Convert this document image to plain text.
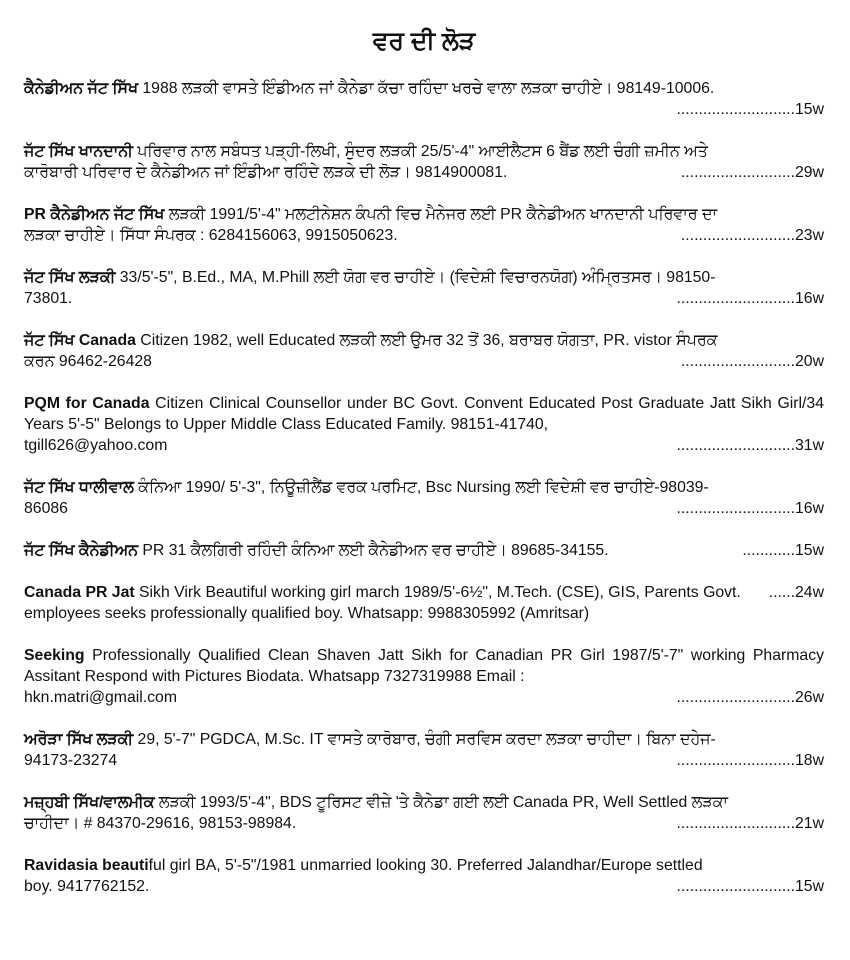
ਵਰ ਦੀ ਲੋੜ

ਕੈਨੇਡੀਅਨ ਜੱਟ ਸਿੱਖ 1988 ਲੜਕੀ ਵਾਸਤੇ ਇੰਡੀਅਨ ਜਾਂ ਕੈਨੇਡਾ ਕੱਚਾ ਰਹਿੰਦਾ ਖਰਚੇ ਵਾਲਾ ਲੜਕਾ ਚਾਹੀਏ। 98149-10006.

...........................15w

ਜੱਟ ਸਿੱਖ ਖਾਨਦਾਨੀ ਪਰਿਵਾਰ ਨਾਲ ਸਬੰਧਤ ਪੜ੍ਹੀ-ਲਿਖੀ, ਸੁੰਦਰ ਲੜਕੀ 25/5'-4" ਆਈਲੈਟਸ 6 ਬੈਂਡ ਲਈ ਚੰਗੀ ਜ਼ਮੀਨ ਅਤੇ

ਕਾਰੋਬਾਰੀ ਪਰਿਵਾਰ ਦੇ ਕੈਨੇਡੀਅਨ ਜਾਂ ਇੰਡੀਆ ਰਹਿੰਦੇ ਲੜਕੇ ਦੀ ਲੋੜ। 9814900081.	..........................29w

PR ਕੈਨੇਡੀਅਨ ਜੱਟ ਸਿੱਖ ਲੜਕੀ 1991/5'-4" ਮਲਟੀਨੇਸ਼ਨ ਕੰਪਨੀ ਵਿਚ ਮੈਨੇਜਰ ਲਈ PR ਕੈਨੇਡੀਅਨ ਖਾਨਦਾਨੀ ਪਰਿਵਾਰ ਦਾ

ਲੜਕਾ ਚਾਹੀਏ। ਸਿੱਧਾ ਸੰਪਰਕ : 6284156063, 9915050623.	..........................23w

ਜੱਟ ਸਿੱਖ ਲੜਕੀ 33/5'-5", B.Ed., MA, M.Phill ਲਈ ਯੋਗ ਵਰ ਚਾਹੀਏ। (ਵਿਦੇਸ਼ੀ ਵਿਚਾਰਨਯੋਗ) ਅੰਮ੍ਰਿਤਸਰ। 98150-

73801.	...........................16w

ਜੱਟ ਸਿੱਖ Canada Citizen 1982, well Educated ਲੜਕੀ ਲਈ ਉਮਰ 32 ਤੋਂ 36, ਬਰਾਬਰ ਯੋਗਤਾ, PR. vistor ਸੰਪਰਕ

ਕਰਨ 96462-26428	..........................20w

PQM for Canada Citizen Clinical Counsellor under BC Govt. Convent Educated Post Graduate Jatt Sikh Girl/34 Years 5'-5" Belongs to Upper Middle Class Educated Family. 98151-41740,

tgill626@yahoo.com	...........................31w

ਜੱਟ ਸਿੱਖ ਧਾਲੀਵਾਲ ਕੰਨਿਆ 1990/ 5'-3", ਨਿਊਜ਼ੀਲੈਂਡ ਵਰਕ ਪਰਮਿਟ, Bsc Nursing ਲਈ ਵਿਦੇਸ਼ੀ ਵਰ ਚਾਹੀਏ-98039-

86086	...........................16w
ਜੱਟ ਸਿੱਖ ਕੈਨੇਡੀਅਨ PR 31 ਕੈਲਗਿਰੀ ਰਹਿੰਦੀ ਕੰਨਿਆ ਲਈ ਕੈਨੇਡੀਅਨ ਵਰ ਚਾਹੀਏ। 89685-34155.	............15w
Canada PR Jat Sikh Virk Beautiful working girl march 1989/5'-6½", M.Tech. (CSE), GIS, Parents Govt. employees seeks professionally qualified boy. Whatsapp: 9988305992 (Amritsar)
......24w

Seeking Professionally Qualified Clean Shaven Jatt Sikh for Canadian PR Girl 1987/5'-7" working Pharmacy Assitant Respond with Pictures Biodata. Whatsapp 7327319988 Email :

hkn.matri@gmail.com	...........................26w

ਅਰੋੜਾ ਸਿੱਖ ਲੜਕੀ 29, 5'-7" PGDCA, M.Sc. IT ਵਾਸਤੇ ਕਾਰੋਬਾਰ, ਚੰਗੀ ਸਰਵਿਸ ਕਰਦਾ ਲੜਕਾ ਚਾਹੀਦਾ। ਬਿਨਾ ਦਹੇਜ-

94173-23274	...........................18w

ਮਜ਼੍ਹਬੀ ਸਿੱਖ/ਵਾਲਮੀਕ ਲੜਕੀ 1993/5'-4", BDS ਟੂਰਿਸਟ ਵੀਜ਼ੇ 'ਤੇ ਕੈਨੇਡਾ ਗਈ ਲਈ Canada PR, Well Settled ਲੜਕਾ

ਚਾਹੀਦਾ। # 84370-29616, 98153-98984.	...........................21w

Ravidasia beautiful girl BA, 5'-5"/1981 unmarried looking 30. Preferred Jalandhar/Europe settled

boy. 9417762152.	...........................15w
